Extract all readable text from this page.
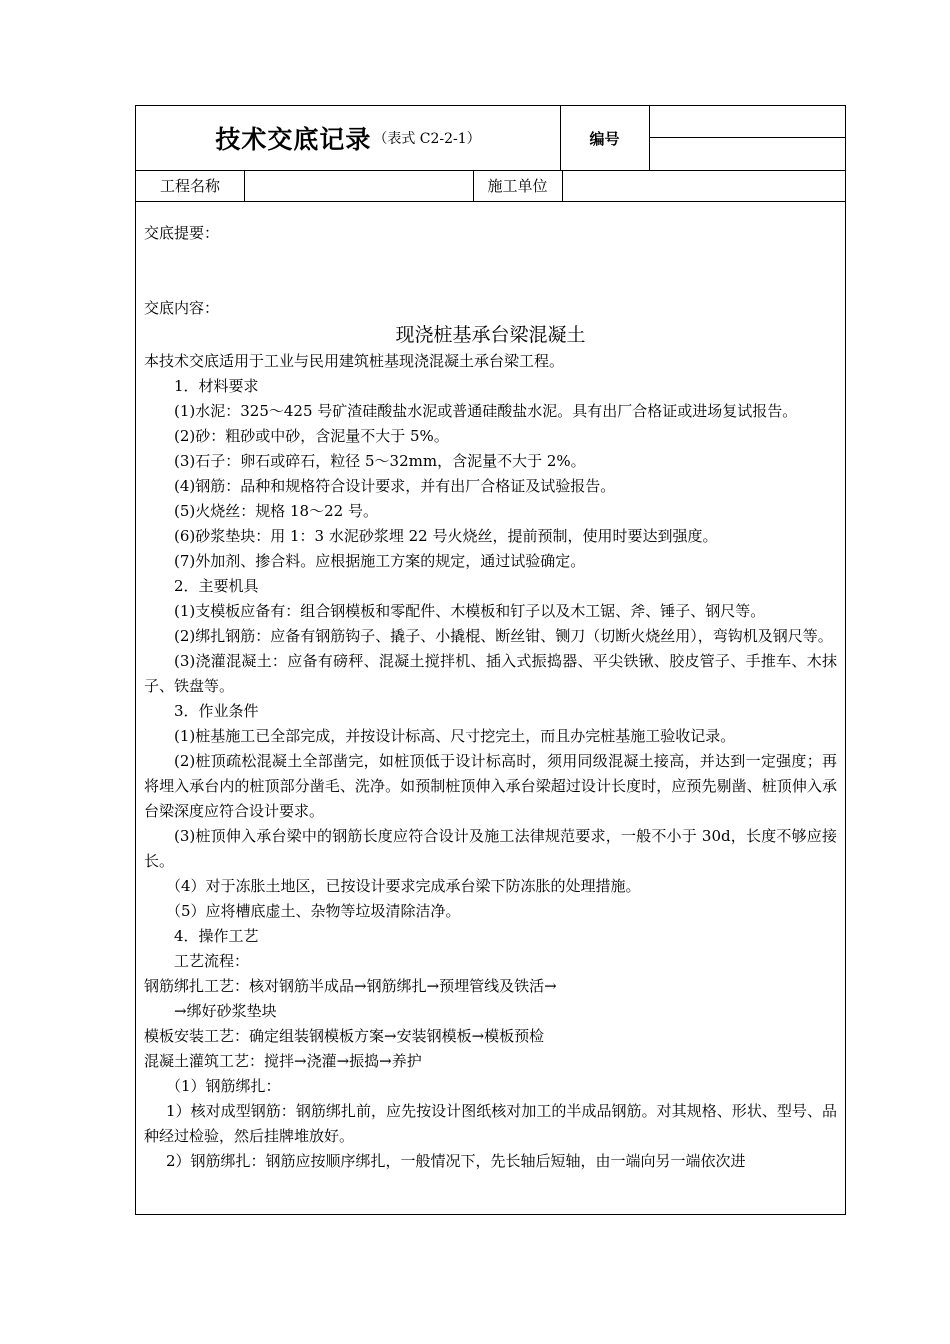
技术交底记录 （表式 C2-2-1）	编号
工程名称	施工单位

交底提要：

交底内容：

现浇桩基承台梁混凝土

本技术交底适用于工业与民用建筑桩基现浇混凝土承台梁工程。

1．材料要求

(1)水泥：325～425 号矿渣硅酸盐水泥或普通硅酸盐水泥。具有出厂合格证或进场复试报告。

(2)砂：粗砂或中砂，含泥量不大于 5%。

(3)石子：卵石或碎石，粒径 5～32mm，含泥量不大于 2%。

(4)钢筋：品种和规格符合设计要求，并有出厂合格证及试验报告。

(5)火烧丝：规格 18～22 号。

(6)砂浆垫块：用 1：3 水泥砂浆埋 22 号火烧丝，提前预制，使用时要达到强度。

(7)外加剂、掺合料。应根据施工方案的规定，通过试验确定。

2．主要机具

(1)支模板应备有：组合钢模板和零配件、木模板和钉子以及木工锯、斧、锤子、钢尺等。

(2)绑扎钢筋：应备有钢筋钩子、撬子、小撬棍、断丝钳、铡刀（切断火烧丝用），弯钩机及钢尺等。

(3)浇灌混凝土：应备有磅秤、混凝土搅拌机、插入式振捣器、平尖铁锹、胶皮管子、手推车、木抹子、铁盘等。

3．作业条件

(1)桩基施工已全部完成，并按设计标高、尺寸挖完土，而且办完桩基施工验收记录。

(2)桩顶疏松混凝土全部凿完，如桩顶低于设计标高时，须用同级混凝土接高，并达到一定强度；再将埋入承台内的桩顶部分凿毛、洗净。如预制桩顶伸入承台梁超过设计长度时，应预先剔凿、桩顶伸入承台梁深度应符合设计要求。

(3)桩顶伸入承台梁中的钢筋长度应符合设计及施工法律规范要求，一般不小于 30d，长度不够应接长。

（4）对于冻胀土地区，已按设计要求完成承台梁下防冻胀的处理措施。

（5）应将槽底虚土、杂物等垃圾清除洁净。

4．操作工艺

工艺流程：

钢筋绑扎工艺：核对钢筋半成品→钢筋绑扎→预埋管线及铁活→

→绑好砂浆垫块

模板安装工艺：确定组装钢模板方案→安装钢模板→模板预检

混凝土灌筑工艺：搅拌→浇灌→振捣→养护

（1）钢筋绑扎：

1）核对成型钢筋：钢筋绑扎前，应先按设计图纸核对加工的半成品钢筋。对其规格、形状、型号、品种经过检验，然后挂牌堆放好。

2）钢筋绑扎：钢筋应按顺序绑扎，一般情况下，先长轴后短轴，由一端向另一端依次进
